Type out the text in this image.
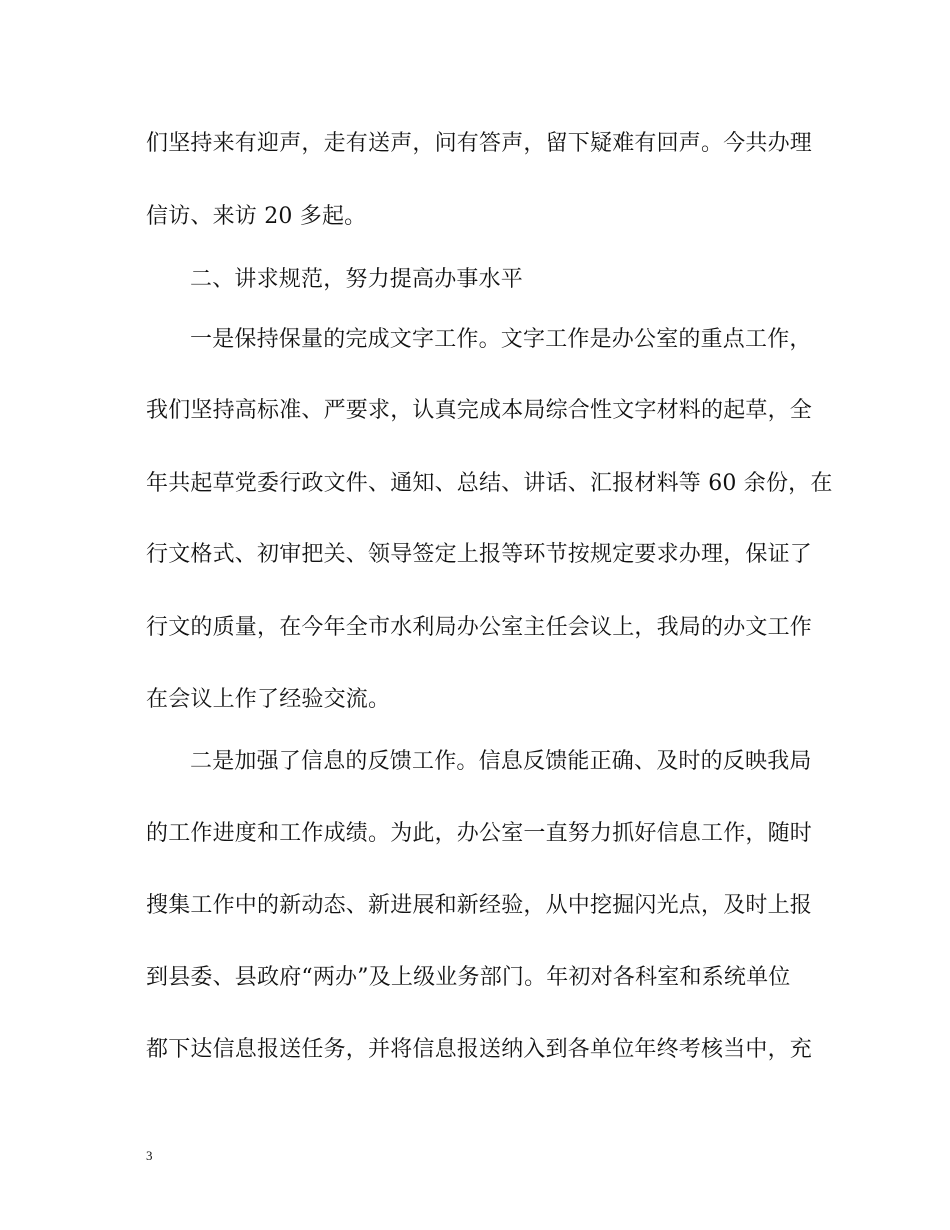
们坚持来有迎声，走有送声，问有答声，留下疑难有回声。今共办理
信访、来访 20 多起。
二、讲求规范，努力提高办事水平
一是保持保量的完成文字工作。文字工作是办公室的重点工作，
我们坚持高标准、严要求，认真完成本局综合性文字材料的起草，全
年共起草党委行政文件、通知、总结、讲话、汇报材料等 60 余份，在
行文格式、初审把关、领导签定上报等环节按规定要求办理，保证了
行文的质量，在今年全市水利局办公室主任会议上，我局的办文工作
在会议上作了经验交流。
二是加强了信息的反馈工作。信息反馈能正确、及时的反映我局
的工作进度和工作成绩。为此，办公室一直努力抓好信息工作，随时
搜集工作中的新动态、新进展和新经验，从中挖掘闪光点，及时上报
到县委、县政府“两办”及上级业务部门。年初对各科室和系统单位
都下达信息报送任务，并将信息报送纳入到各单位年终考核当中，充
3
